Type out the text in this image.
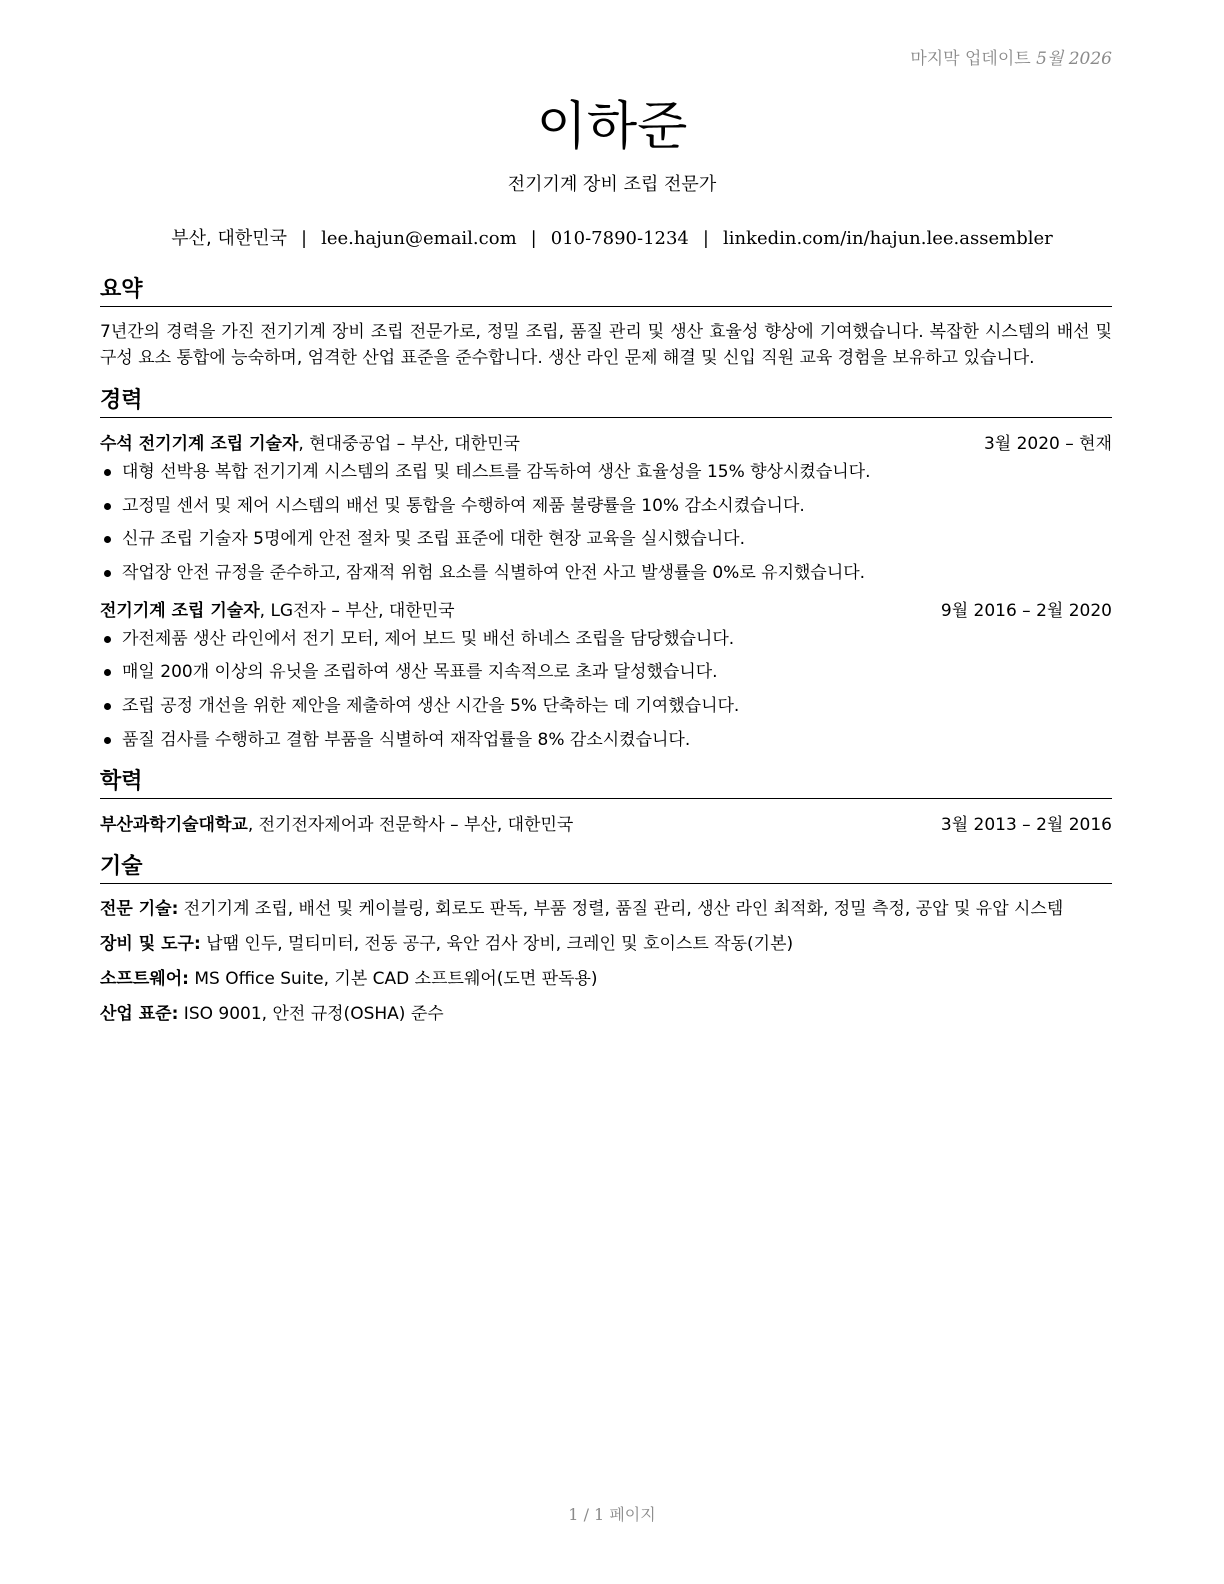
마지막 업데이트 5월 2026
이하준
전기기계 장비 조립 전문가
부산, 대한민국 | lee.hajun@email.com | 010-7890-1234 | linkedin.com/in/hajun.lee.assembler
요약

7년간의 경력을 가진 전기기계 장비 조립 전문가로, 정밀 조립, 품질 관리 및 생산 효율성 향상에 기여했습니다. 복잡한 시스템의 배선 및 구성 요소 통합에 능숙하며, 엄격한 산업 표준을 준수합니다. 생산 라인 문제 해결 및 신입 직원 교육 경험을 보유하고 있습니다.

경력
수석 전기기계 조립 기술자, 현대중공업 – 부산, 대한민국	3월 2020 – 현재
대형 선박용 복합 전기기계 시스템의 조립 및 테스트를 감독하여 생산 효율성을 15% 향상시켰습니다.
고정밀 센서 및 제어 시스템의 배선 및 통합을 수행하여 제품 불량률을 10% 감소시켰습니다.
신규 조립 기술자 5명에게 안전 절차 및 조립 표준에 대한 현장 교육을 실시했습니다.
작업장 안전 규정을 준수하고, 잠재적 위험 요소를 식별하여 안전 사고 발생률을 0%로 유지했습니다.
전기기계 조립 기술자, LG전자 – 부산, 대한민국	9월 2016 – 2월 2020
가전제품 생산 라인에서 전기 모터, 제어 보드 및 배선 하네스 조립을 담당했습니다.
매일 200개 이상의 유닛을 조립하여 생산 목표를 지속적으로 초과 달성했습니다.
조립 공정 개선을 위한 제안을 제출하여 생산 시간을 5% 단축하는 데 기여했습니다.
품질 검사를 수행하고 결함 부품을 식별하여 재작업률을 8% 감소시켰습니다.
학력
부산과학기술대학교, 전기전자제어과 전문학사 – 부산, 대한민국	3월 2013 – 2월 2016
기술

전문 기술: 전기기계 조립, 배선 및 케이블링, 회로도 판독, 부품 정렬, 품질 관리, 생산 라인 최적화, 정밀 측정, 공압 및 유압 시스템

장비 및 도구: 납땜 인두, 멀티미터, 전동 공구, 육안 검사 장비, 크레인 및 호이스트 작동(기본)

소프트웨어: MS Office Suite, 기본 CAD 소프트웨어(도면 판독용)

산업 표준: ISO 9001, 안전 규정(OSHA) 준수

1 / 1 페이지
